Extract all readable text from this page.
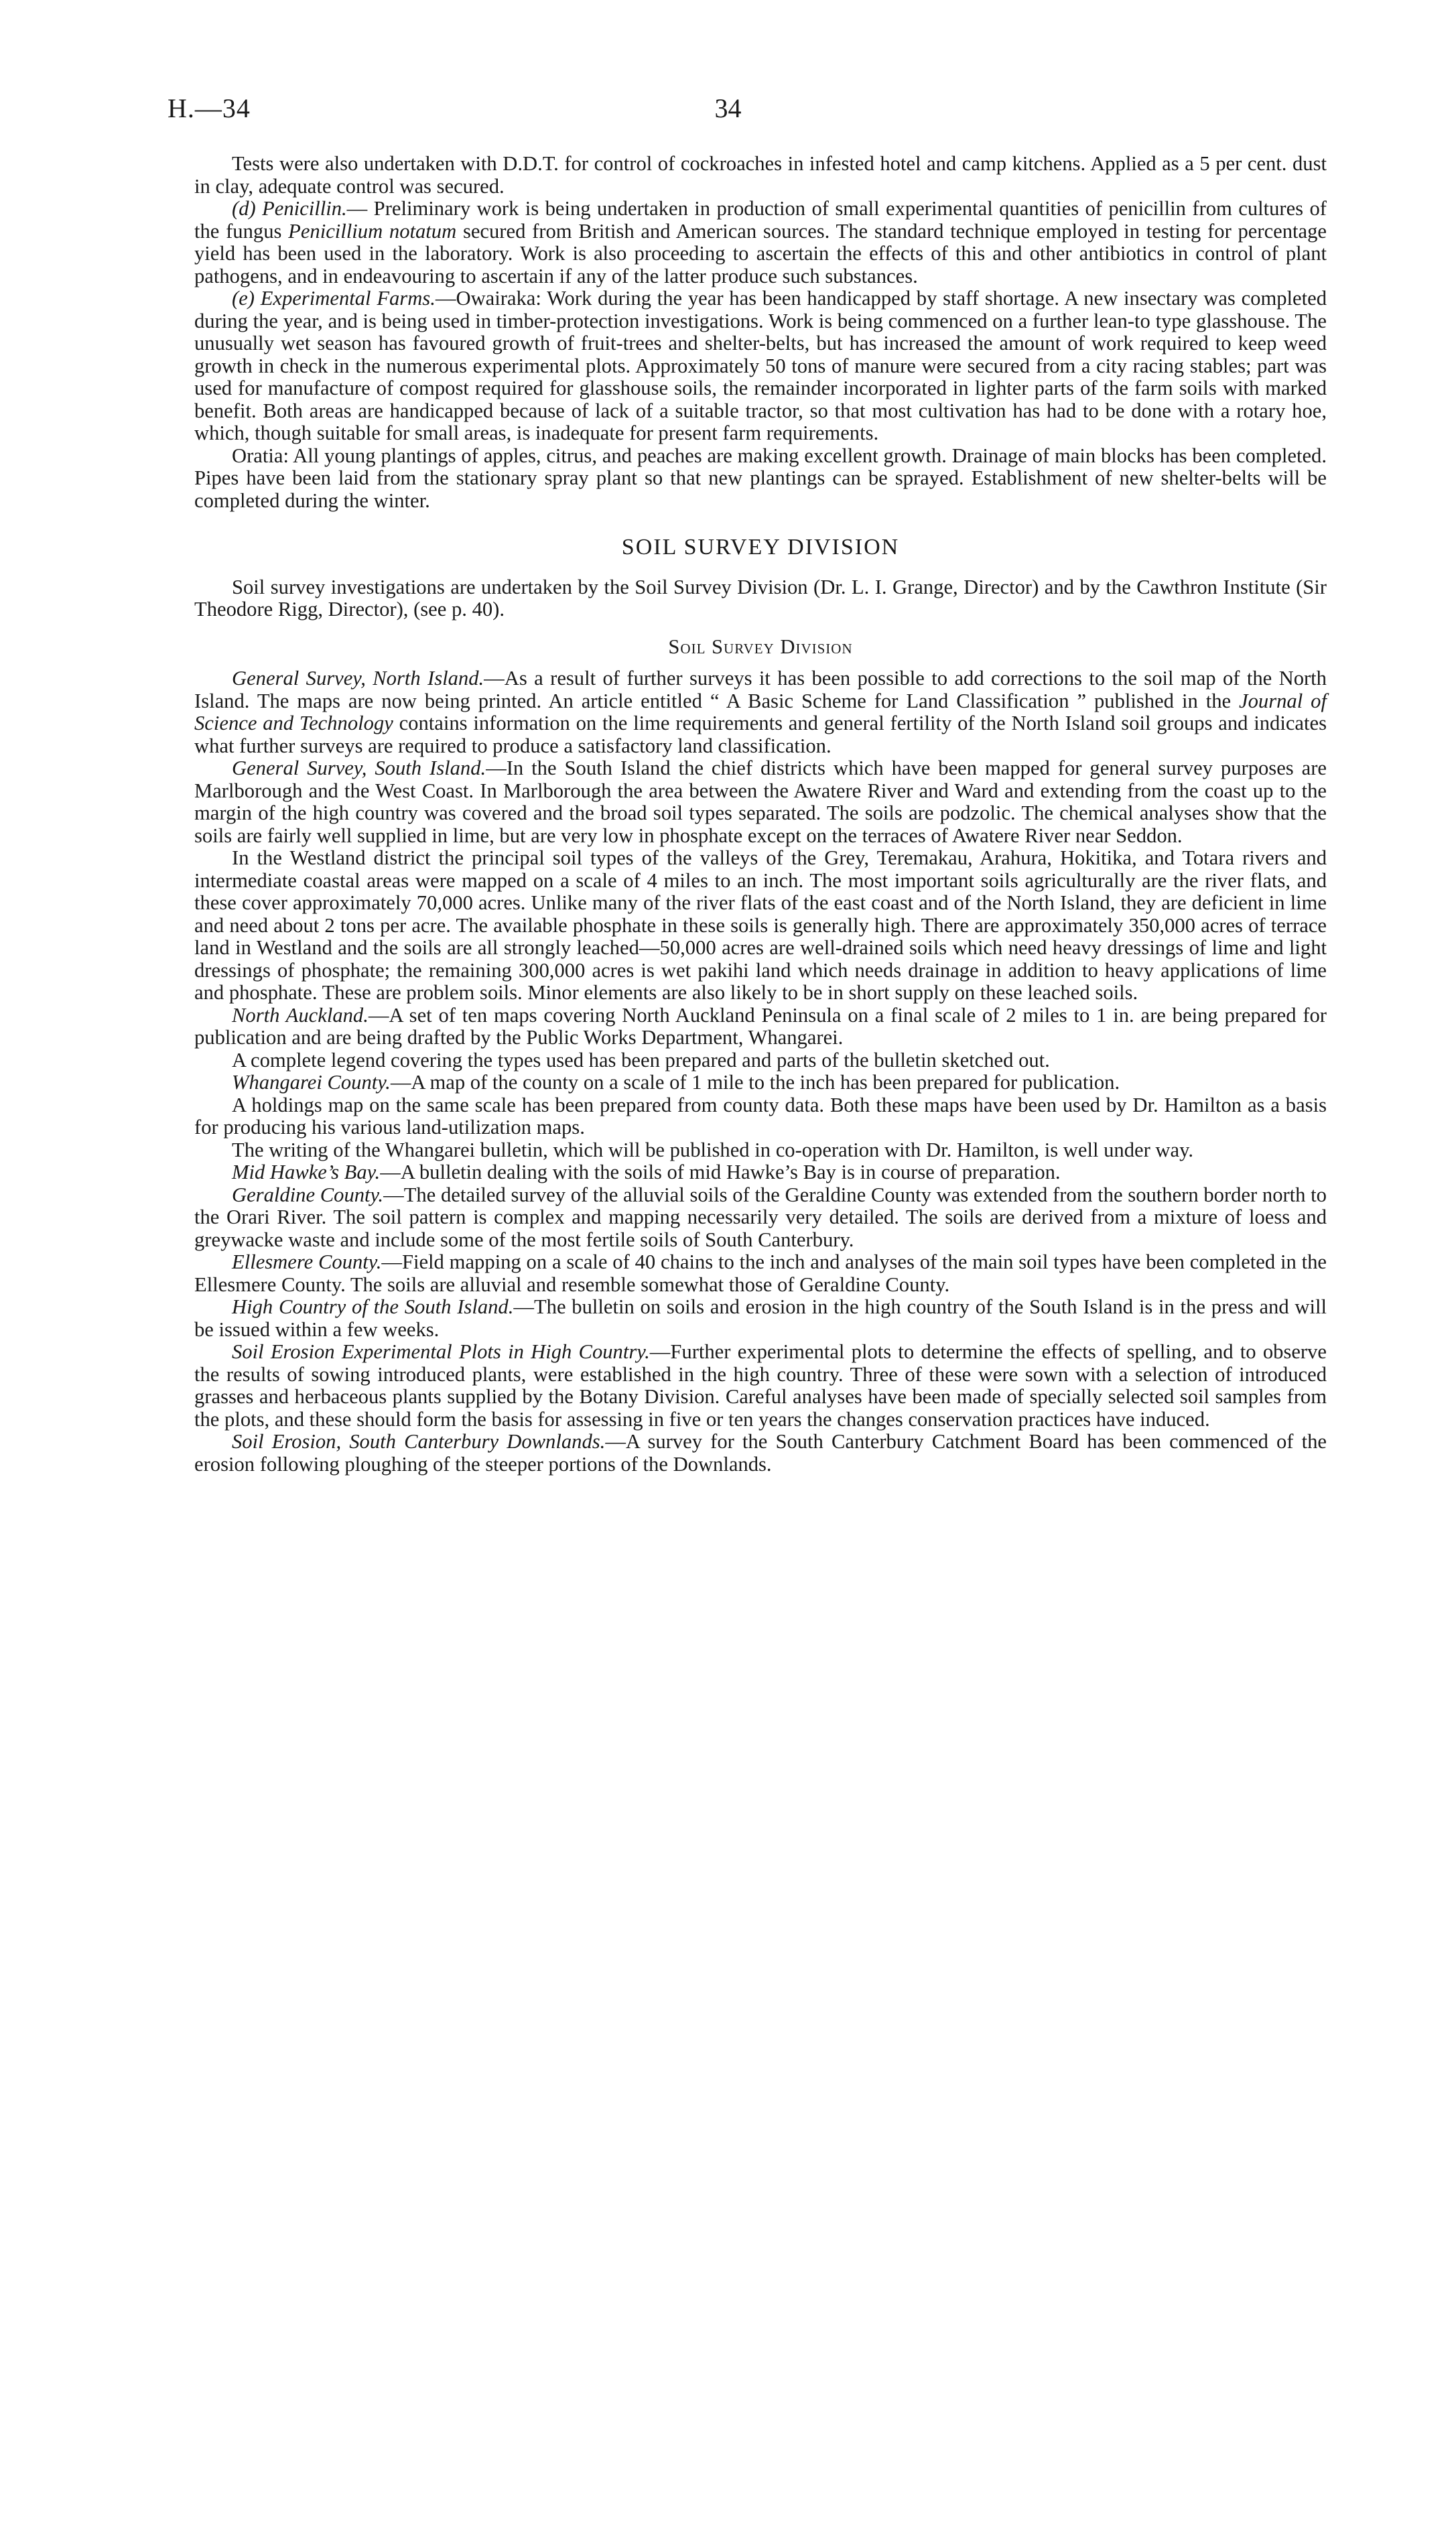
H.—34	34

Tests were also undertaken with D.D.T. for control of cockroaches in infested hotel and camp kitchens. Applied as a 5 per cent. dust in clay, adequate control was secured.

(d) Penicillin.— Preliminary work is being undertaken in production of small experimental quantities of penicillin from cultures of the fungus Penicillium notatum secured from British and American sources. The standard technique employed in testing for percentage yield has been used in the laboratory. Work is also proceeding to ascertain the effects of this and other antibiotics in control of plant pathogens, and in endeavouring to ascertain if any of the latter produce such substances.

(e) Experimental Farms.—Owairaka: Work during the year has been handicapped by staff shortage. A new insectary was completed during the year, and is being used in timber-protection investigations. Work is being commenced on a further lean-to type glasshouse. The unusually wet season has favoured growth of fruit-trees and shelter-belts, but has increased the amount of work required to keep weed growth in check in the numerous experimental plots. Approximately 50 tons of manure were secured from a city racing stables; part was used for manufacture of compost required for glasshouse soils, the remainder incorporated in lighter parts of the farm soils with marked benefit. Both areas are handicapped because of lack of a suitable tractor, so that most cultivation has had to be done with a rotary hoe, which, though suitable for small areas, is inadequate for present farm requirements.

Oratia: All young plantings of apples, citrus, and peaches are making excellent growth. Drainage of main blocks has been completed. Pipes have been laid from the stationary spray plant so that new plantings can be sprayed. Establishment of new shelter-belts will be completed during the winter.

SOIL SURVEY DIVISION

Soil survey investigations are undertaken by the Soil Survey Division (Dr. L. I. Grange, Director) and by the Cawthron Institute (Sir Theodore Rigg, Director), (see p. 40).

Soil Survey Division

General Survey, North Island.—As a result of further surveys it has been possible to add corrections to the soil map of the North Island. The maps are now being printed. An article entitled “ A Basic Scheme for Land Classification ” published in the Journal of Science and Technology contains information on the lime requirements and general fertility of the North Island soil groups and indicates what further surveys are required to produce a satisfactory land classification.

General Survey, South Island.—In the South Island the chief districts which have been mapped for general survey purposes are Marlborough and the West Coast. In Marlborough the area between the Awatere River and Ward and extending from the coast up to the margin of the high country was covered and the broad soil types separated. The soils are podzolic. The chemical analyses show that the soils are fairly well supplied in lime, but are very low in phosphate except on the terraces of Awatere River near Seddon.

In the Westland district the principal soil types of the valleys of the Grey, Teremakau, Arahura, Hokitika, and Totara rivers and intermediate coastal areas were mapped on a scale of 4 miles to an inch. The most important soils agriculturally are the river flats, and these cover approximately 70,000 acres. Unlike many of the river flats of the east coast and of the North Island, they are deficient in lime and need about 2 tons per acre. The available phosphate in these soils is generally high. There are approximately 350,000 acres of terrace land in Westland and the soils are all strongly leached—50,000 acres are well-drained soils which need heavy dressings of lime and light dressings of phosphate; the remaining 300,000 acres is wet pakihi land which needs drainage in addition to heavy applications of lime and phosphate. These are problem soils. Minor elements are also likely to be in short supply on these leached soils.

North Auckland.—A set of ten maps covering North Auckland Peninsula on a final scale of 2 miles to 1 in. are being prepared for publication and are being drafted by the Public Works Department, Whangarei.

A complete legend covering the types used has been prepared and parts of the bulletin sketched out.

Whangarei County.—A map of the county on a scale of 1 mile to the inch has been prepared for publication.

A holdings map on the same scale has been prepared from county data. Both these maps have been used by Dr. Hamilton as a basis for producing his various land-utilization maps.

The writing of the Whangarei bulletin, which will be published in co-operation with Dr. Hamilton, is well under way.

Mid Hawke’s Bay.—A bulletin dealing with the soils of mid Hawke’s Bay is in course of preparation.

Geraldine County.—The detailed survey of the alluvial soils of the Geraldine County was extended from the southern border north to the Orari River. The soil pattern is complex and mapping necessarily very detailed. The soils are derived from a mixture of loess and greywacke waste and include some of the most fertile soils of South Canterbury.

Ellesmere County.—Field mapping on a scale of 40 chains to the inch and analyses of the main soil types have been completed in the Ellesmere County. The soils are alluvial and resemble somewhat those of Geraldine County.

High Country of the South Island.—The bulletin on soils and erosion in the high country of the South Island is in the press and will be issued within a few weeks.

Soil Erosion Experimental Plots in High Country.—Further experimental plots to determine the effects of spelling, and to observe the results of sowing introduced plants, were established in the high country. Three of these were sown with a selection of introduced grasses and herbaceous plants supplied by the Botany Division. Careful analyses have been made of specially selected soil samples from the plots, and these should form the basis for assessing in five or ten years the changes conservation practices have induced.

Soil Erosion, South Canterbury Downlands.—A survey for the South Canterbury Catchment Board has been commenced of the erosion following ploughing of the steeper portions of the Downlands.
